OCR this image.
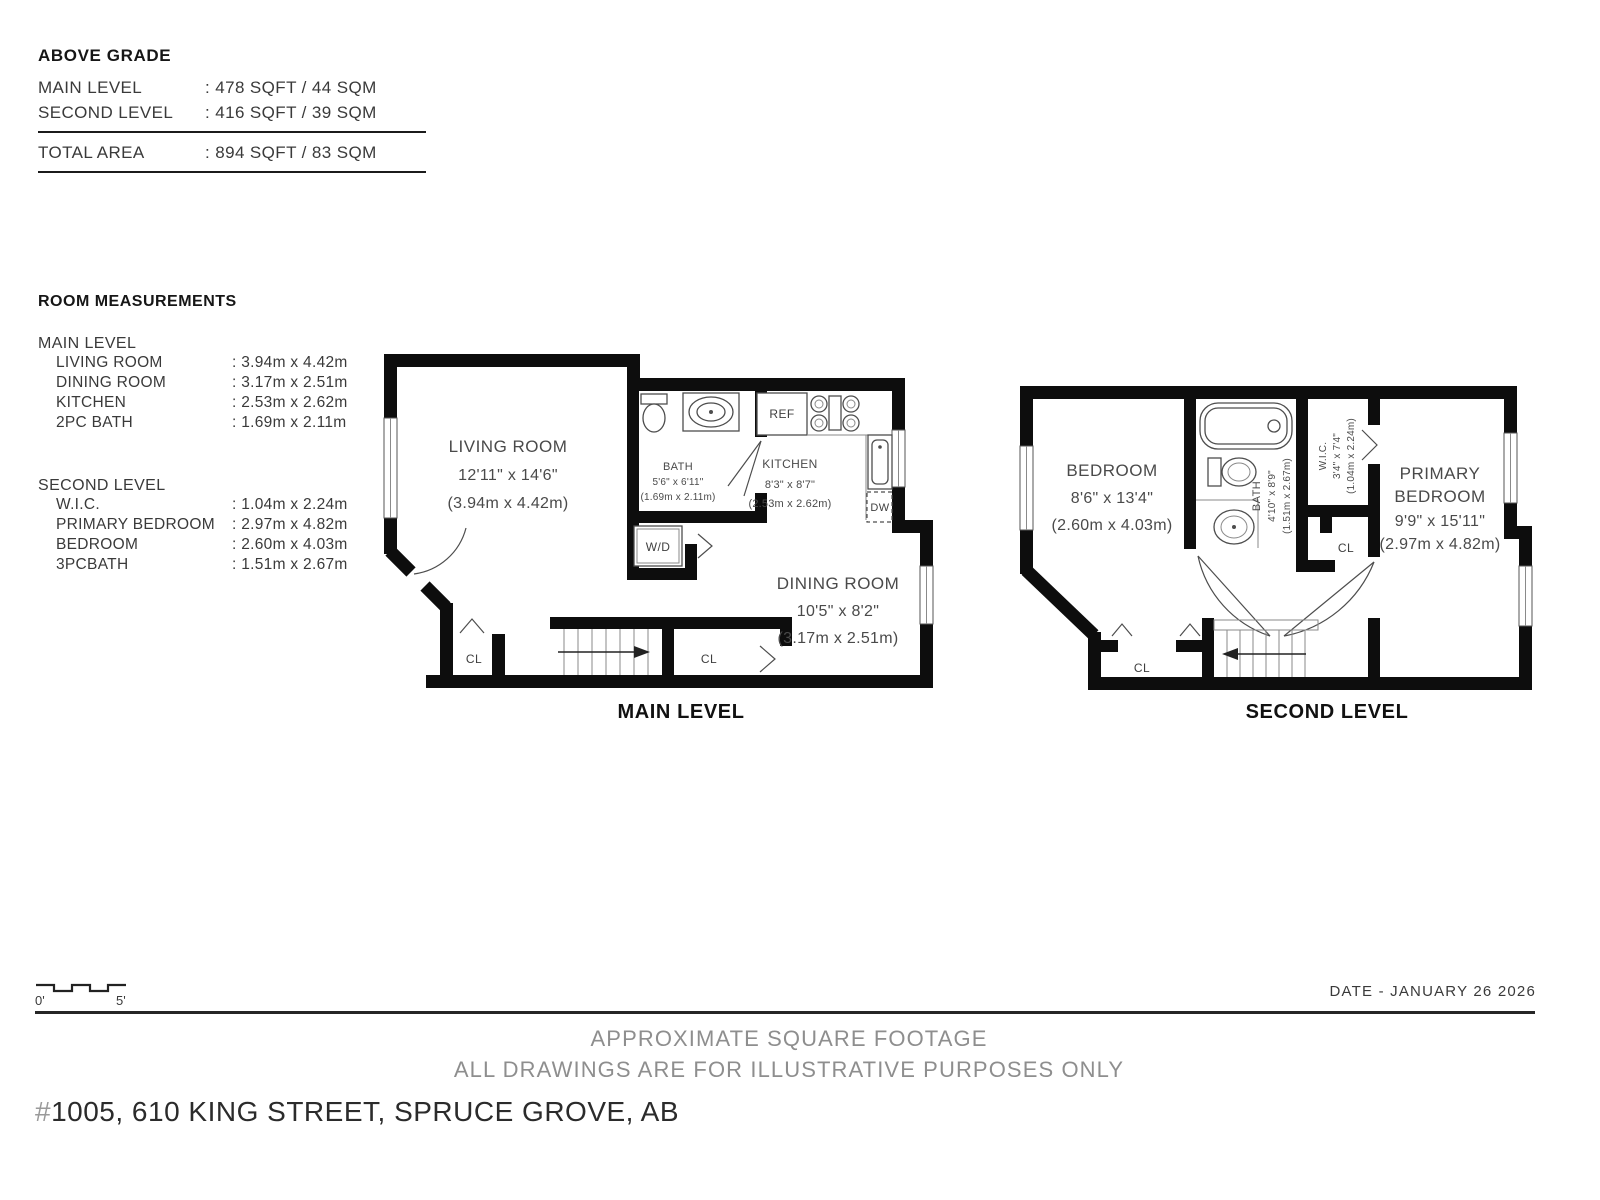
ABOVE GRADE
MAIN LEVEL	: 478 SQFT / 44 SQM
SECOND LEVEL	: 416 SQFT / 39 SQM
TOTAL AREA	: 894 SQFT / 83 SQM
ROOM MEASUREMENTS
MAIN LEVEL
LIVING ROOM	: 3.94m x 4.42m
DINING ROOM	: 3.17m x 2.51m
KITCHEN	: 2.53m x 2.62m
2PC BATH	: 1.69m x 2.11m
SECOND LEVEL
W.I.C.	: 1.04m x 2.24m
PRIMARY BEDROOM	: 2.97m x 4.82m
BEDROOM	: 2.60m x 4.03m
3PCBATH	: 1.51m x 2.67m
LIVING ROOM
12'11" x 14'6"
(3.94m x 4.42m)
BATH
5'6" x 6'11"
(1.69m x 2.11m)
KITCHEN
8'3" x 8'7"
(2.53m x 2.62m)
DINING ROOM
10'5" x 8'2"
(3.17m x 2.51m)
REF
DW
W/D
CL	CL
MAIN LEVEL
BEDROOM
8'6" x 13'4"
(2.60m x 4.03m)
BATH 4'10" x 8'9" (1.51m x 2.67m)
W.I.C. 3'4" x 7'4" (1.04m x 2.24m)	PRIMARY
BEDROOM
9'9" x 15'11"
(2.97m x 4.82m)
CL
CL
SECOND LEVEL
0'	5'
DATE - JANUARY 26 2026
APPROXIMATE SQUARE FOOTAGE
ALL DRAWINGS ARE FOR ILLUSTRATIVE PURPOSES ONLY
#1005, 610 KING STREET, SPRUCE GROVE, AB
